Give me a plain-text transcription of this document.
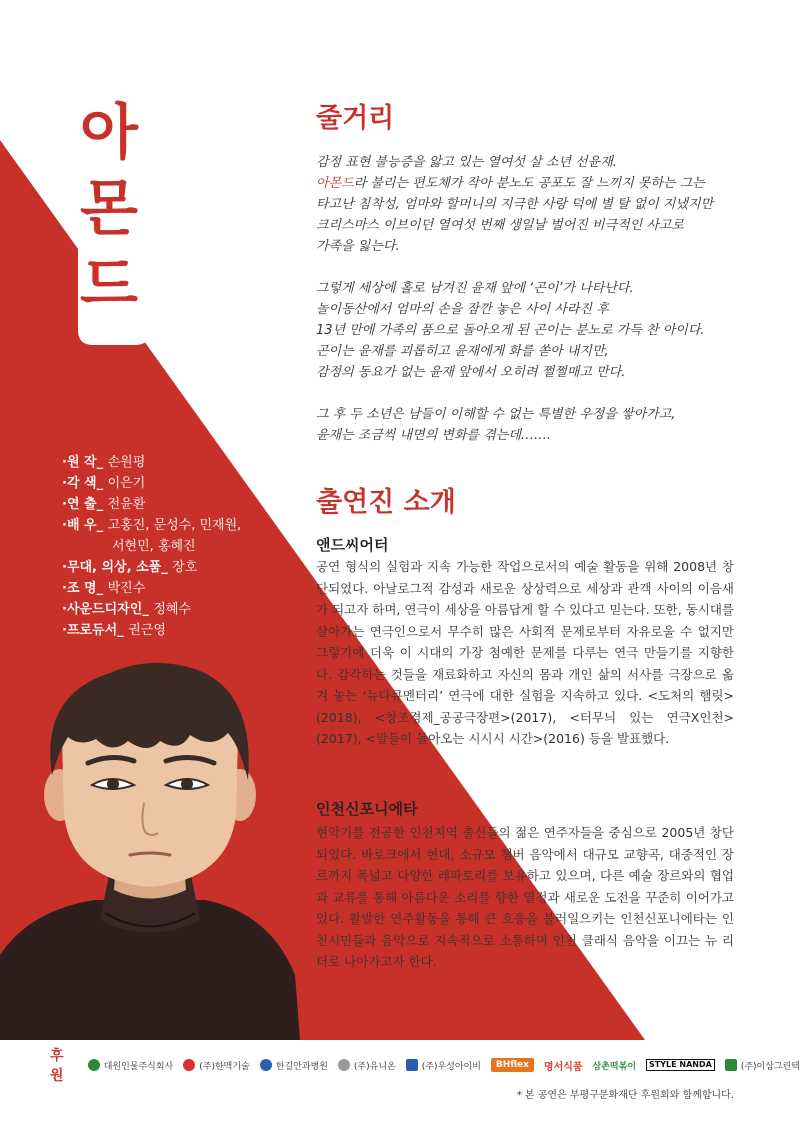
아
몬
드
·원 작_ 손원평
·각 색_ 이은기
·연 출_ 전윤환
·배 우_ 고홍진, 문성수, 민재원,
서현민, 홍혜진
·무대, 의상, 소품_ 장호
·조 명_ 박진수
·사운드디자인_ 정혜수
·프로듀서_ 권근영
줄거리

감정 표현 불능증을 앓고 있는 열여섯 살 소년 선윤재.
아몬드라 불리는 편도체가 작아 분노도 공포도 잘 느끼지 못하는 그는
타고난 침착성, 엄마와 할머니의 지극한 사랑 덕에 별 탈 없이 지냈지만
크리스마스 이브이던 열여섯 번째 생일날 벌어진 비극적인 사고로
가족을 잃는다.

그렇게 세상에 홀로 남겨진 윤재 앞에 ‘곤이’가 나타난다.
놀이동산에서 엄마의 손을 잠깐 놓은 사이 사라진 후
13년 만에 가족의 품으로 돌아오게 된 곤이는 분노로 가득 찬 아이다.
곤이는 윤재를 괴롭히고 윤재에게 화를 쏟아 내지만,
감정의 동요가 없는 윤재 앞에서 오히려 쩔쩔매고 만다.

그 후 두 소년은 남들이 이해할 수 없는 특별한 우정을 쌓아가고,
윤재는 조금씩 내면의 변화를 겪는데…….

출연진 소개
앤드씨어터
공연 형식의 실험과 지속 가능한 작업으로서의 예술 활동을 위해 2008년 창단되었다. 아날로그적 감성과 새로운 상상력으로 세상과 관객 사이의 이음새가 되고자 하며, 연극이 세상을 아름답게 할 수 있다고 믿는다. 또한, 동시대를 살아가는 연극인으로서 무수히 많은 사회적 문제로부터 자유로울 수 없지만 그렇기에 더욱 이 시대의 가장 첨예한 문제를 다루는 연극 만들기를 지향한다. 감각하는 것들을 재료화하고 자신의 몸과 개인 삶의 서사를 극장으로 옮겨 놓는 ‘뉴다큐멘터리’ 연극에 대한 실험을 지속하고 있다. <도처의 햄릿>(2018), <창조경제_공공극장편>(2017), <터무늬 있는 연극X인천>(2017), <말들이 돌아오는 시시시 시간>(2016) 등을 발표했다.
인천신포니에타
현악기를 전공한 인천지역 출신들의 젊은 연주자들을 중심으로 2005년 창단되었다. 바로크에서 현대, 소규모 챔버 음악에서 대규모 교향곡, 대중적인 장르까지 폭넓고 다양한 레파토리를 보유하고 있으며, 다른 예술 장르와의 협업과 교류를 통해 아름다운 소리를 향한 열정과 새로운 도전을 꾸준히 이어가고 있다. 활발한 연주활동을 통해 큰 호응을 불러일으키는 인천신포니에타는 인천시민들과 음악으로 지속적으로 소통하며 인천 클래식 음악을 이끄는 뉴 리더로 나아가고자 한다.
후원
대원인물주식회사	(주)한맥기술	한길안과병원	(주)유니온	(주)우성아이비	BHflex	명서식품 삼촌떡볶이	STYLE NANDA	(주)이삼그린텍
* 본 공연은 부평구문화재단 후원회와 함께합니다.
